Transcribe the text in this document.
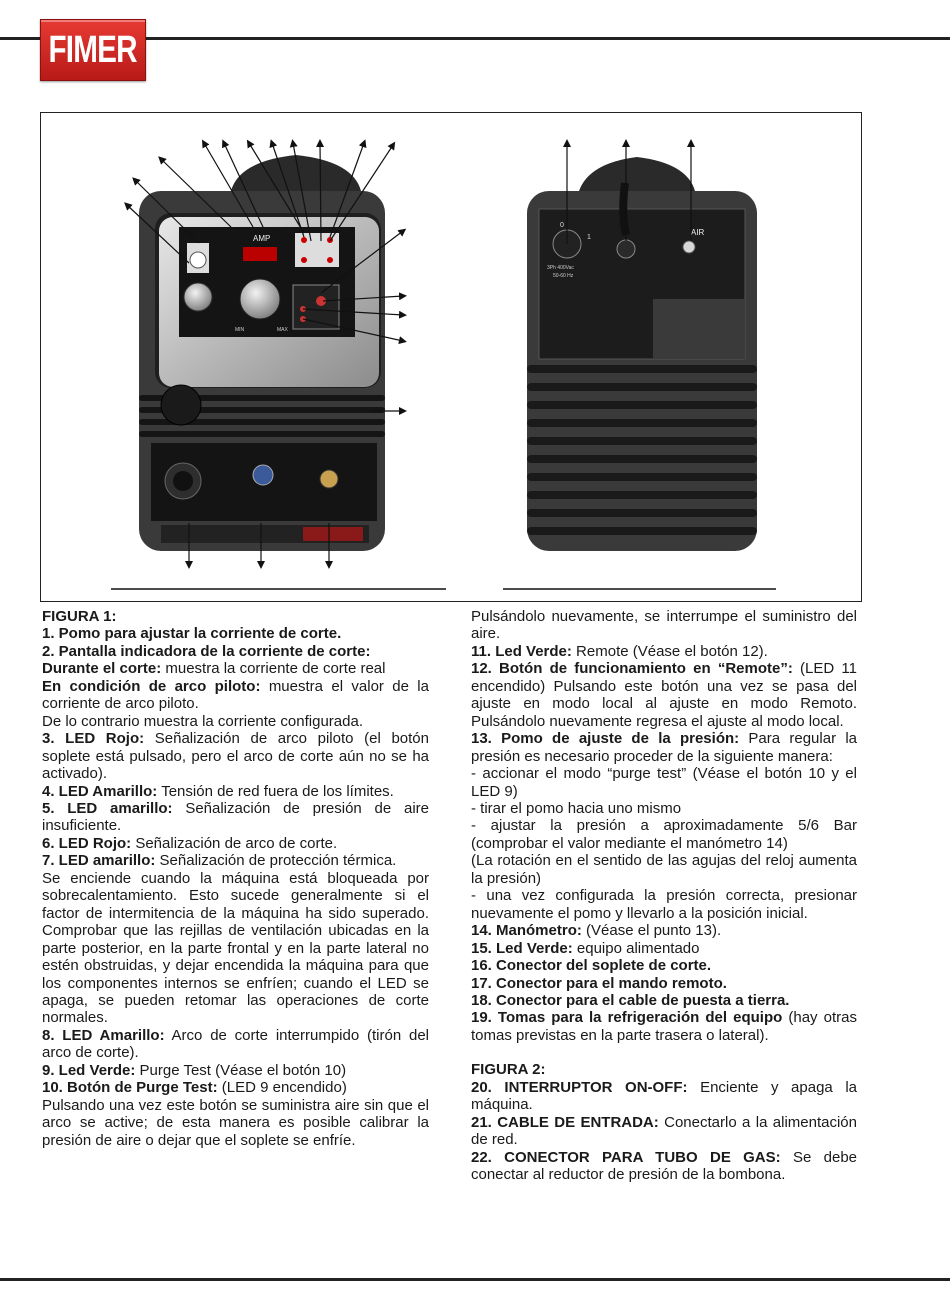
FIMER
AMP
MIN	MAX
0
1
3Ph 400Vac
50-60 Hz
AIR

FIGURA 1:

1. Pomo para ajustar la corriente de corte.

2. Pantalla indicadora de la corriente de corte:

Durante el corte: muestra la corriente de corte real

En condición de arco piloto: muestra el valor de la corriente de arco piloto.

De lo contrario muestra la corriente configurada.

3. LED Rojo: Señalización de arco piloto (el botón soplete está pulsado, pero el arco de corte aún no se ha activado).

4. LED Amarillo: Tensión de red fuera de los límites.

5. LED amarillo: Señalización de presión de aire insuficiente.

6. LED Rojo: Señalización de arco de corte.

7. LED amarillo: Señalización de protección térmica.

Se enciende cuando la máquina está bloqueada por sobrecalentamiento. Esto sucede generalmente si el factor de intermitencia de la máquina ha sido superado. Comprobar que las rejillas de ventilación ubicadas en la parte posterior, en la parte frontal y en la parte lateral no estén obstruidas, y dejar encendida la máquina para que los componentes internos se enfríen; cuando el LED se apaga, se pueden retomar las operaciones de corte normales.

8. LED Amarillo: Arco de corte interrumpido (tirón del arco de corte).

9. Led Verde: Purge Test (Véase el botón 10)

10. Botón de Purge Test: (LED 9 encendido)

Pulsando una vez este botón se suministra aire sin que el arco se active; de esta manera es posible calibrar la presión de aire o dejar que el soplete se enfríe.

Pulsándolo nuevamente, se interrumpe el suministro del aire.

11. Led Verde: Remote (Véase el botón 12).

12. Botón de funcionamiento en “Remote”: (LED 11 encendido) Pulsando este botón una vez se pasa del ajuste en modo local al ajuste en modo Remoto. Pulsándolo nuevamente regresa el ajuste al modo local.

13. Pomo de ajuste de la presión: Para regular la presión es necesario proceder de la siguiente manera:

- accionar el modo “purge test” (Véase el botón 10 y el LED 9)

- tirar el pomo hacia uno mismo

- ajustar la presión a aproximadamente 5/6 Bar (comprobar el valor mediante el manómetro 14)

(La rotación en el sentido de las agujas del reloj aumenta la presión)

- una vez configurada la presión correcta, presionar nuevamente el pomo y llevarlo a la posición inicial.

14. Manómetro: (Véase el punto 13).

15. Led Verde: equipo alimentado

16. Conector del soplete de corte.

17. Conector para el mando remoto.

18. Conector para el cable de puesta a tierra.

19. Tomas para la refrigeración del equipo (hay otras tomas previstas en la parte trasera o lateral).

FIGURA 2:

20. INTERRUPTOR ON-OFF: Enciente y apaga la máquina.

21. CABLE DE ENTRADA: Conectarlo a la alimentación de red.

22. CONECTOR PARA TUBO DE GAS: Se debe conectar al reductor de presión de la bombona.
